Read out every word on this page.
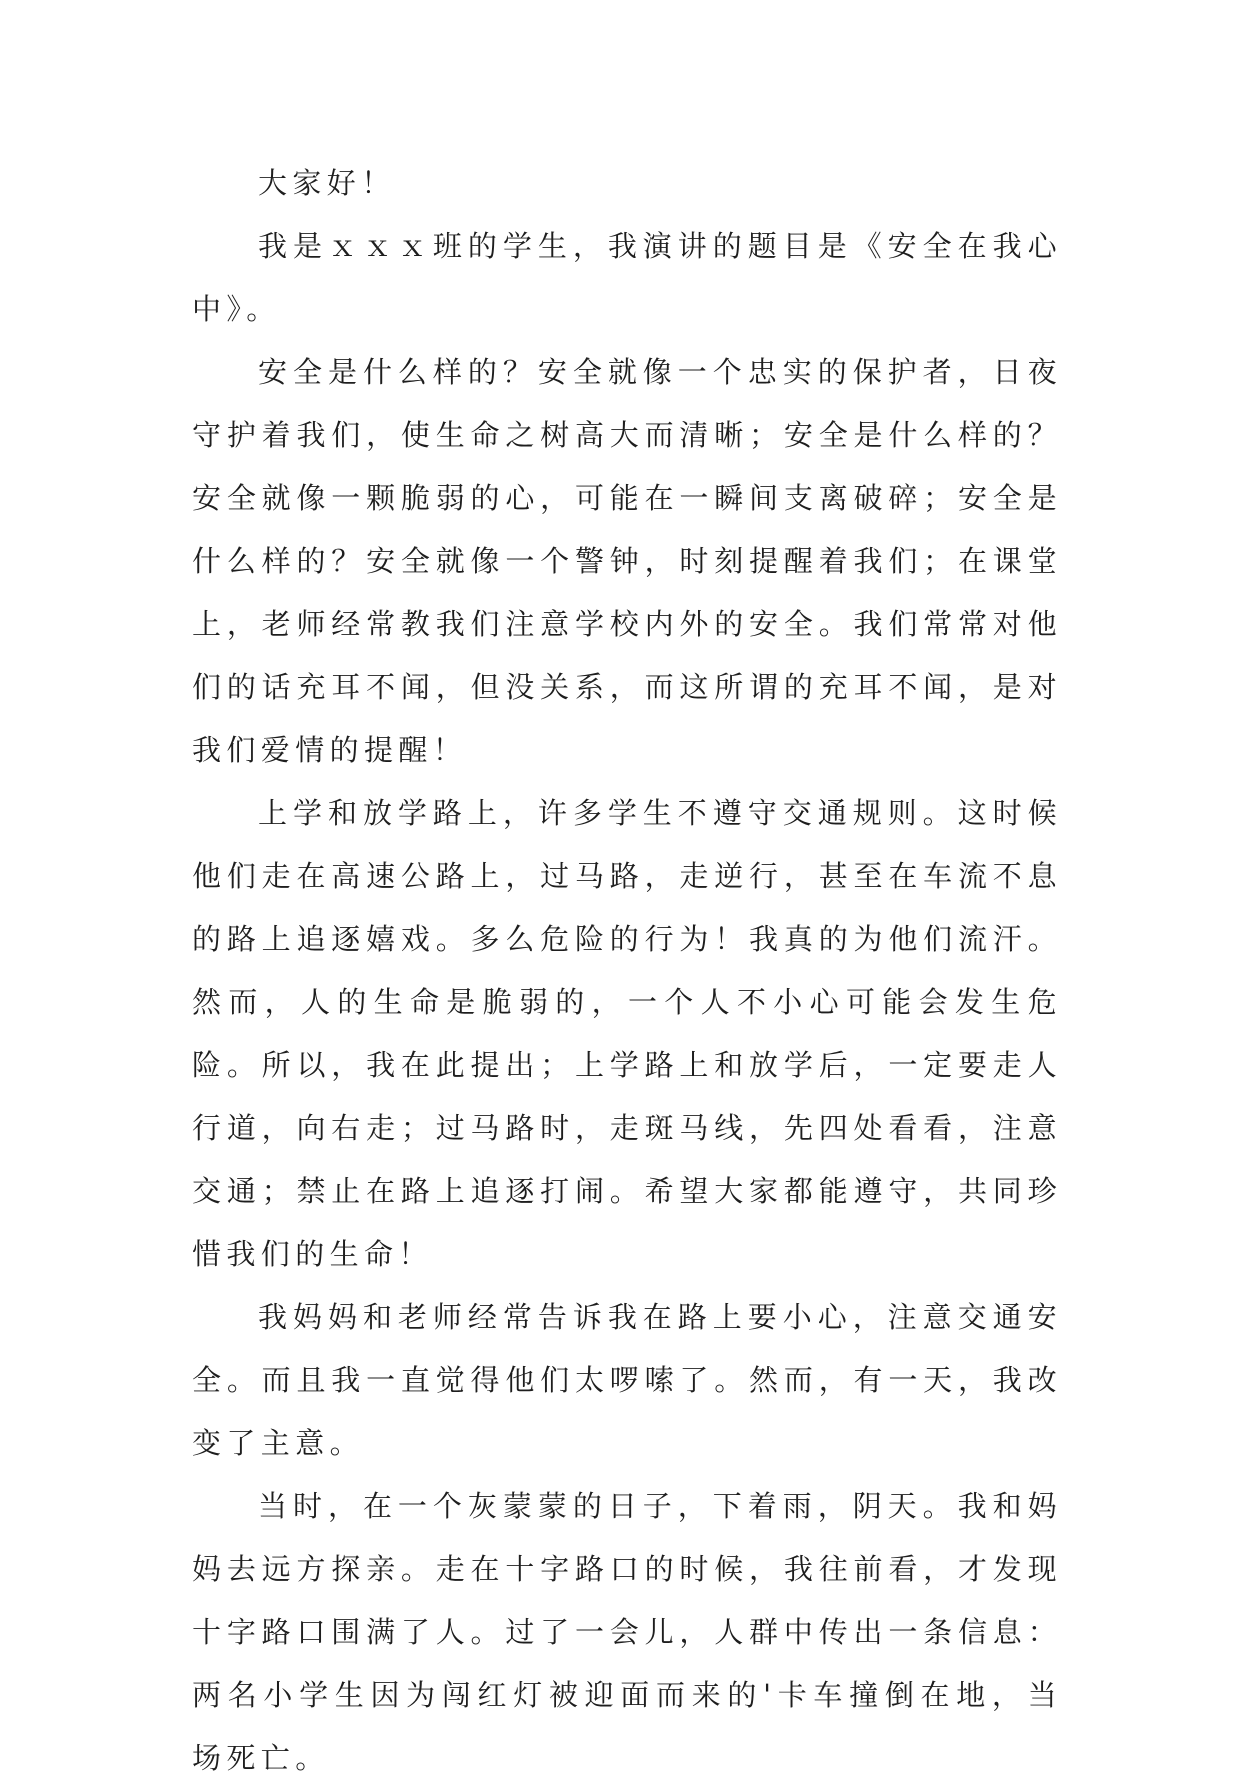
大家好！

我是ｘｘｘ班的学生，我演讲的题目是《安全在我心中》。

安全是什么样的？安全就像一个忠实的保护者，日夜守护着我们，使生命之树高大而清晰；安全是什么样的？安全就像一颗脆弱的心，可能在一瞬间支离破碎；安全是什么样的？安全就像一个警钟，时刻提醒着我们；在课堂上，老师经常教我们注意学校内外的安全。我们常常对他们的话充耳不闻，但没关系，而这所谓的充耳不闻，是对我们爱情的提醒！

上学和放学路上，许多学生不遵守交通规则。这时候他们走在高速公路上，过马路，走逆行，甚至在车流不息的路上追逐嬉戏。多么危险的行为！我真的为他们流汗。然而，人的生命是脆弱的，一个人不小心可能会发生危险。所以，我在此提出；上学路上和放学后，一定要走人行道，向右走；过马路时，走斑马线，先四处看看，注意交通；禁止在路上追逐打闹。希望大家都能遵守，共同珍惜我们的生命！

我妈妈和老师经常告诉我在路上要小心，注意交通安全。而且我一直觉得他们太啰嗦了。然而，有一天，我改变了主意。

当时，在一个灰蒙蒙的日子，下着雨，阴天。我和妈妈去远方探亲。走在十字路口的时候，我往前看，才发现十字路口围满了人。过了一会儿，人群中传出一条信息：两名小学生因为闯红灯被迎面而来的'卡车撞倒在地，当场死亡。
